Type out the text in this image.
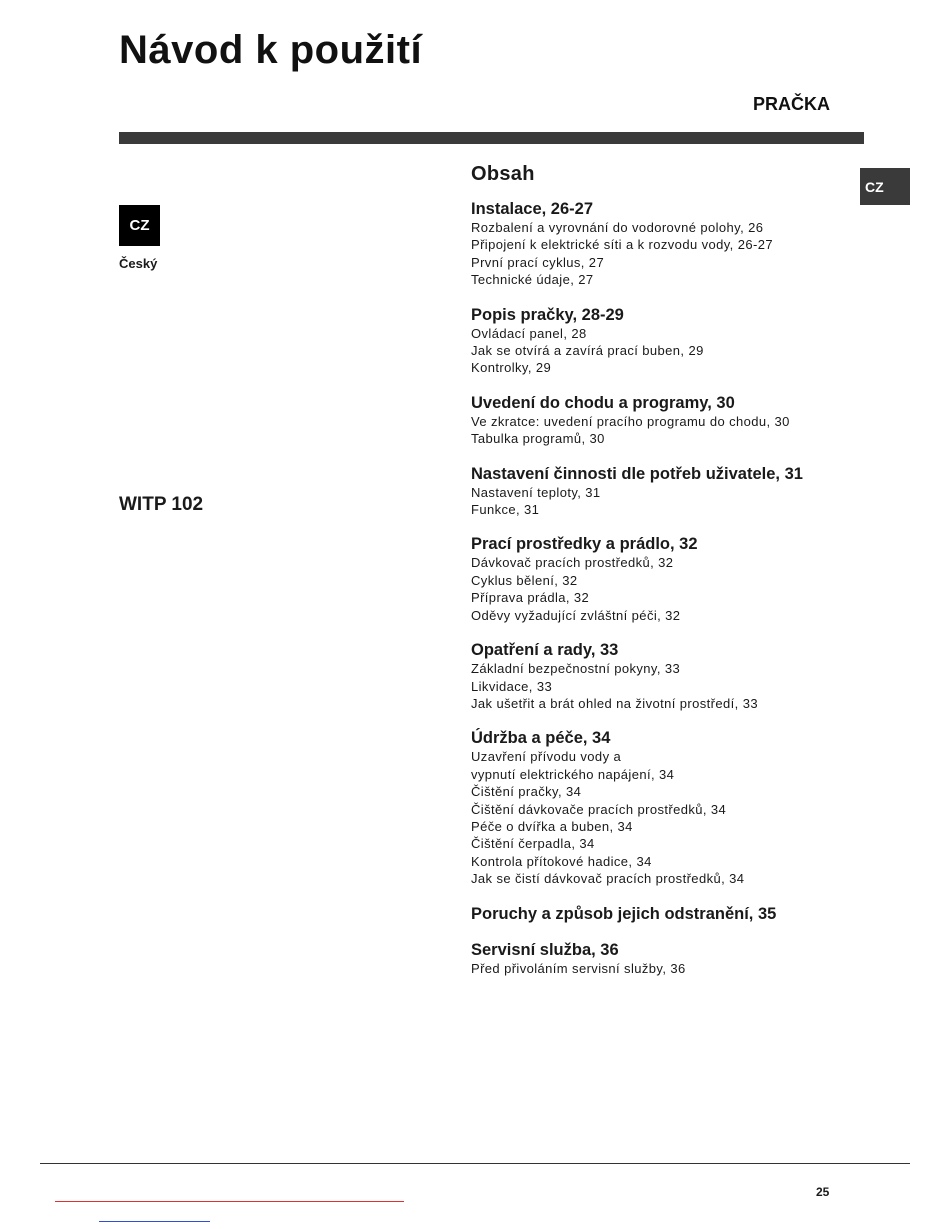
Návod k použití
PRAČKA
CZ
Český
WITP 102
CZ
Obsah
Instalace, 26-27
Rozbalení a vyrovnání do vodorovné polohy, 26
Připojení k elektrické síti a k rozvodu vody, 26-27
První prací cyklus, 27
Technické údaje, 27
Popis pračky, 28-29
Ovládací panel, 28
Jak se otvírá a zavírá prací buben, 29
Kontrolky, 29
Uvedení do chodu a programy, 30
Ve zkratce: uvedení pracího programu do chodu, 30
Tabulka programů, 30
Nastavení činnosti dle potřeb uživatele, 31
Nastavení teploty, 31
Funkce, 31
Prací prostředky a prádlo, 32
Dávkovač pracích prostředků, 32
Cyklus bělení, 32
Příprava prádla, 32
Oděvy vyžadující zvláštní péči, 32
Opatření a rady, 33
Základní bezpečnostní pokyny, 33
Likvidace, 33
Jak ušetřit a brát ohled na životní prostředí, 33
Údržba a péče, 34
Uzavření přívodu vody a
vypnutí elektrického napájení, 34
Čištění pračky, 34
Čištění dávkovače pracích prostředků, 34
Péče o dvířka a buben, 34
Čištění čerpadla, 34
Kontrola přítokové hadice, 34
Jak se čistí dávkovač pracích prostředků, 34
Poruchy a způsob jejich odstranění, 35
Servisní služba, 36
Před přivoláním servisní služby, 36
25
